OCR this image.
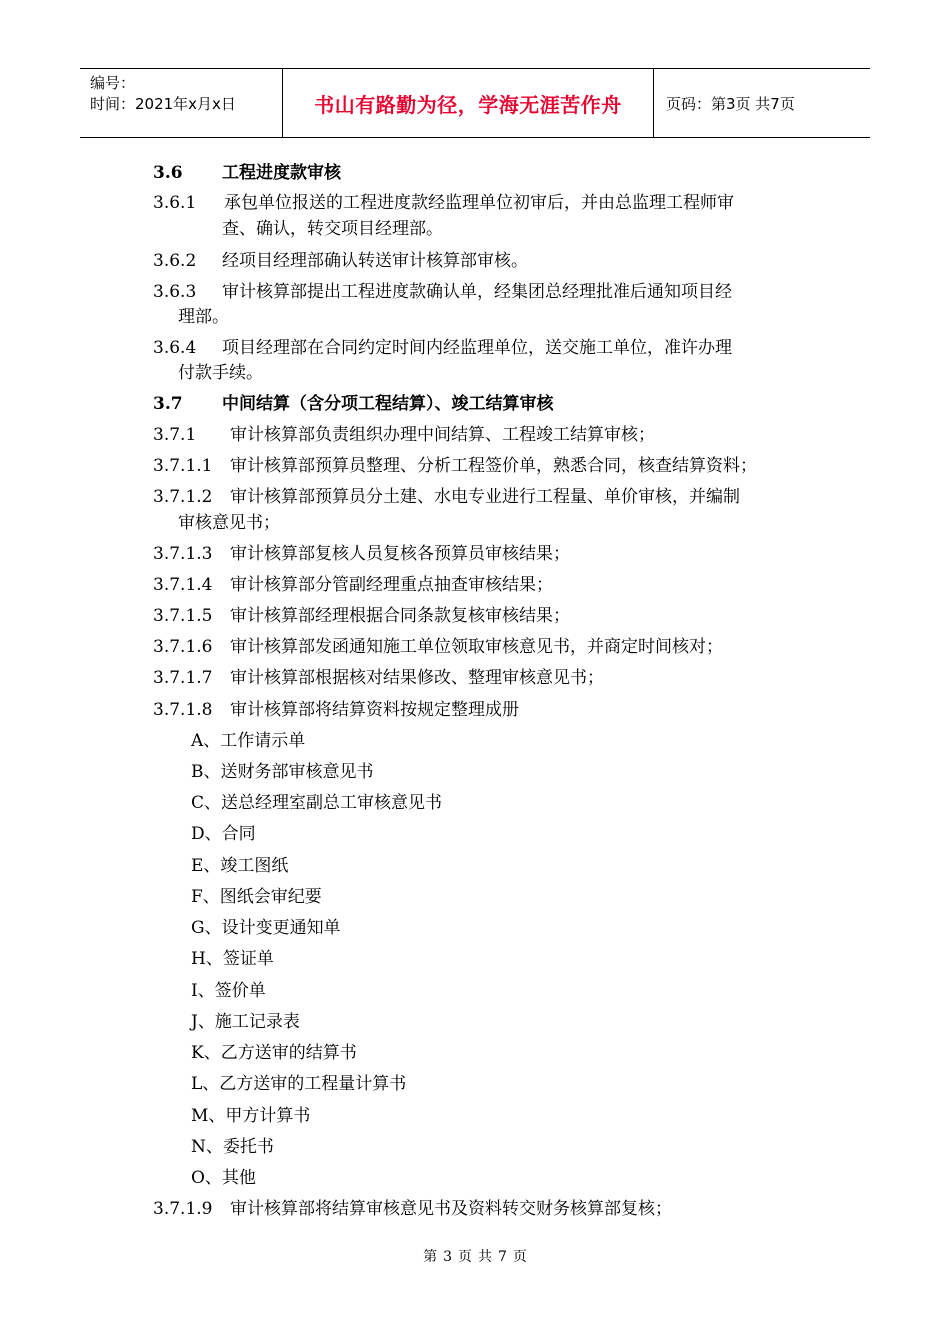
编号：
时间：2021年x月x日	书山有路勤为径，学海无涯苦作舟	页码：第3页 共7页
3.6 工程进度款审核
3.6.1 承包单位报送的工程进度款经监理单位初审后，并由总监理工程师审
查、确认，转交项目经理部。
3.6.2 经项目经理部确认转送审计核算部审核。
3.6.3 审计核算部提出工程进度款确认单，经集团总经理批准后通知项目经
理部。
3.6.4 项目经理部在合同约定时间内经监理单位，送交施工单位，准许办理
付款手续。
3.7 中间结算（含分项工程结算）、竣工结算审核
3.7.1 审计核算部负责组织办理中间结算、工程竣工结算审核；
3.7.1.1 审计核算部预算员整理、分析工程签价单，熟悉合同，核查结算资料；
3.7.1.2 审计核算部预算员分土建、水电专业进行工程量、单价审核，并编制
审核意见书；
3.7.1.3 审计核算部复核人员复核各预算员审核结果；
3.7.1.4 审计核算部分管副经理重点抽查审核结果；
3.7.1.5 审计核算部经理根据合同条款复核审核结果；
3.7.1.6 审计核算部发函通知施工单位领取审核意见书，并商定时间核对；
3.7.1.7 审计核算部根据核对结果修改、整理审核意见书；
3.7.1.8 审计核算部将结算资料按规定整理成册
A、工作请示单
B、送财务部审核意见书
C、送总经理室副总工审核意见书
D、合同
E、竣工图纸
F、图纸会审纪要
G、设计变更通知单
H、签证单
I、签价单
J、施工记录表
K、乙方送审的结算书
L、乙方送审的工程量计算书
M、甲方计算书
N、委托书
O、其他
3.7.1.9 审计核算部将结算审核意见书及资料转交财务核算部复核；
第 3 页 共 7 页
